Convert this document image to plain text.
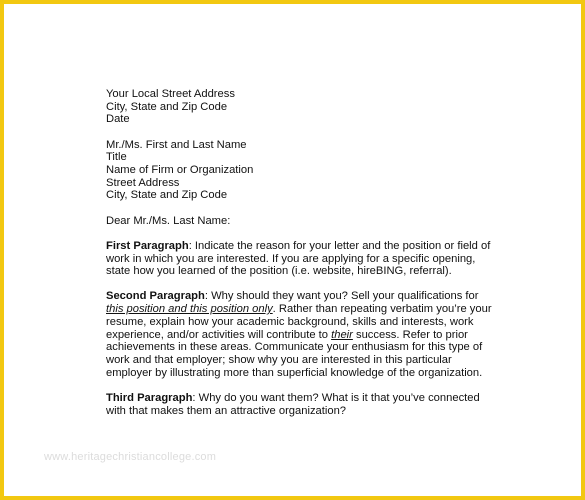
Your Local Street Address
City, State and Zip Code
Date
Mr./Ms. First and Last Name
Title
Name of Firm or Organization
Street Address
City, State and Zip Code
Dear Mr./Ms. Last Name:
First Paragraph: Indicate the reason for your letter and the position or field of
work in which you are interested. If you are applying for a specific opening,
state how you learned of the position (i.e. website, hireBING, referral).
Second Paragraph: Why should they want you? Sell your qualifications for
this position and this position only. Rather than repeating verbatim you’re your
resume, explain how your academic background, skills and interests, work
experience, and/or activities will contribute to their success. Refer to prior
achievements in these areas. Communicate your enthusiasm for this type of
work and that employer; show why you are interested in this particular
employer by illustrating more than superficial knowledge of the organization.
Third Paragraph: Why do you want them? What is it that you’ve connected
with that makes them an attractive organization?
www.heritagechristiancollege.com
